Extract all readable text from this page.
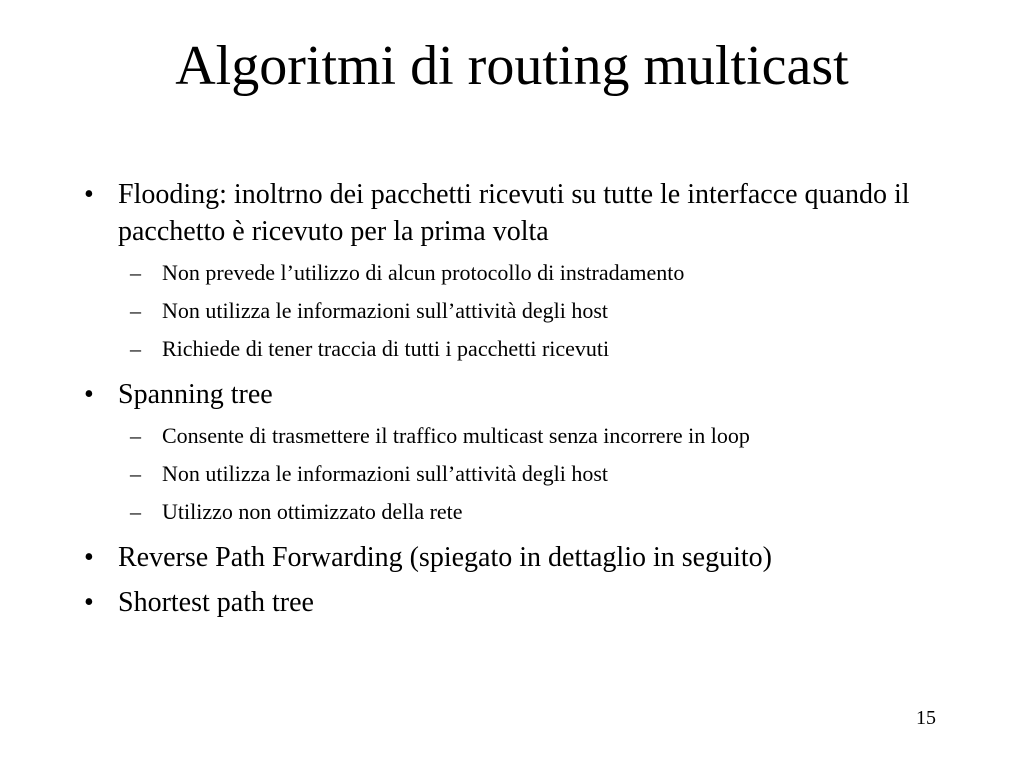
Algoritmi di routing multicast
• Flooding: inoltrno dei pacchetti ricevuti su tutte le interfacce quando il pacchetto è ricevuto per la prima volta
– Non prevede l’utilizzo di alcun protocollo di instradamento
– Non utilizza le informazioni sull’attività degli host
– Richiede di tener traccia di tutti i pacchetti ricevuti
• Spanning tree
– Consente di trasmettere il traffico multicast senza incorrere in loop
– Non utilizza le informazioni sull’attività degli host
– Utilizzo non ottimizzato della rete
• Reverse Path Forwarding (spiegato in dettaglio in seguito)
• Shortest path tree
15
